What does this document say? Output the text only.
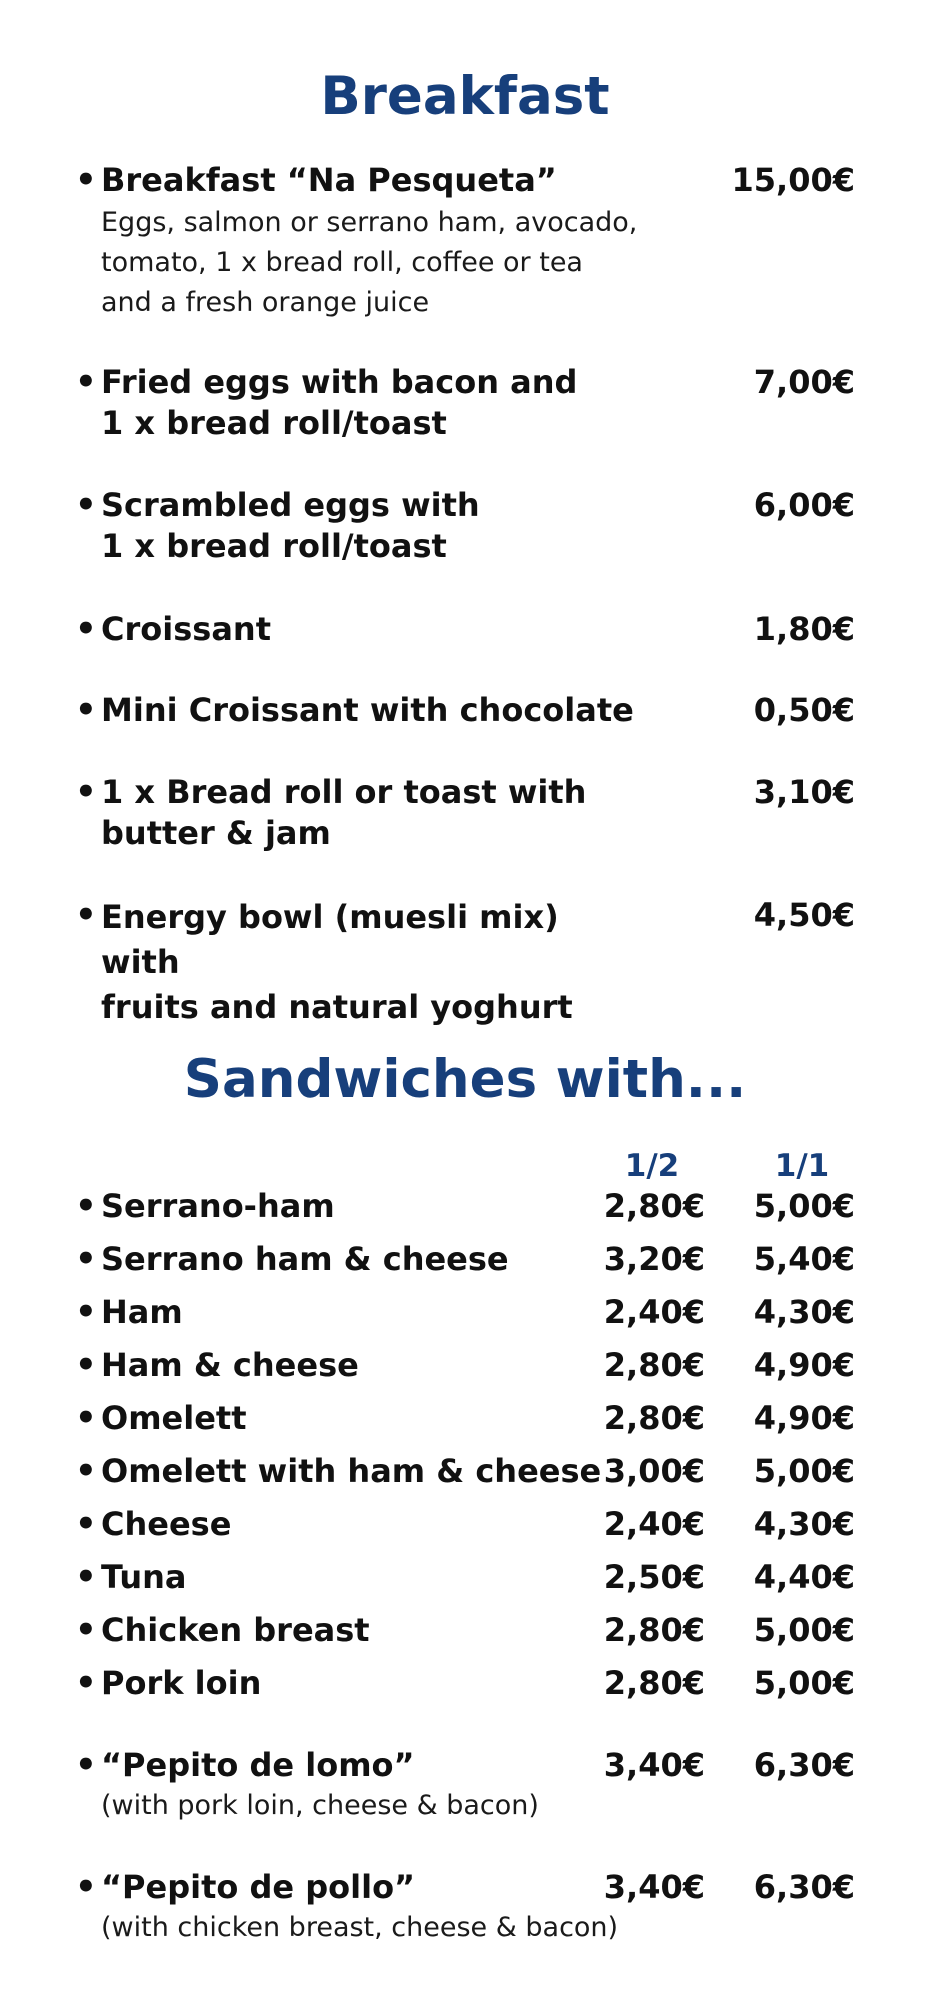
Breakfast
• Breakfast “Na Pesqueta”
Eggs, salmon or serrano ham, avocado,
tomato, 1 x bread roll, coffee or tea
and a fresh orange juice
15,00€
• Fried eggs with bacon and
1 x bread roll/toast
7,00€
• Scrambled eggs with
1 x bread roll/toast
6,00€
• Croissant	1,80€
• Mini Croissant with chocolate	0,50€
• 1 x Bread roll or toast with
butter & jam
3,10€
• Energy bowl (muesli mix) with
fruits and natural yoghurt
4,50€
Sandwiches with...
1/2	1/1
• Serrano-ham	2,80€	5,00€
• Serrano ham & cheese	3,20€	5,40€
• Ham	2,40€	4,30€
• Ham & cheese	2,80€	4,90€
• Omelett	2,80€	4,90€
• Omelett with ham & cheese 3,00€	5,00€
• Cheese	2,40€	4,30€
• Tuna	2,50€	4,40€
• Chicken breast	2,80€	5,00€
• Pork loin	2,80€	5,00€
• “Pepito de lomo”
(with pork loin, cheese & bacon)
3,40€	6,30€
• “Pepito de pollo”
(with chicken breast, cheese & bacon)
3,40€	6,30€
